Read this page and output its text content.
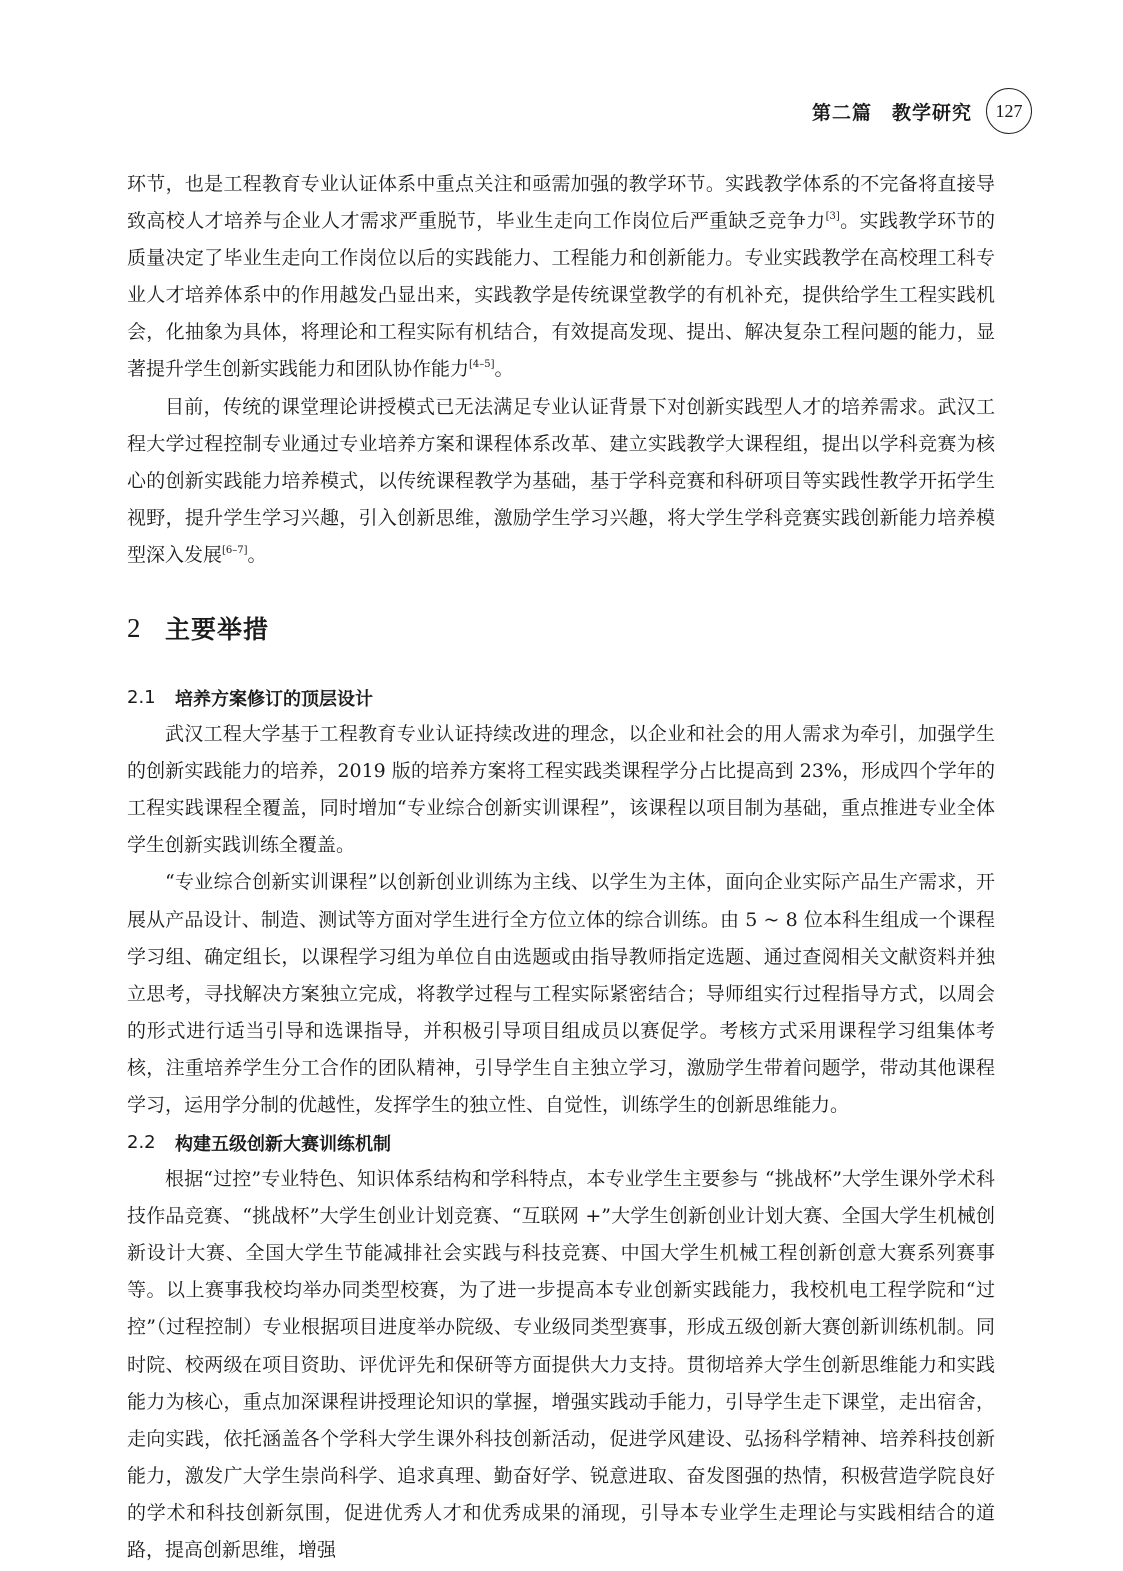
第二篇　教学研究	127

环节，也是工程教育专业认证体系中重点关注和亟需加强的教学环节。实践教学体系的不完备将直接导致高校人才培养与企业人才需求严重脱节，毕业生走向工作岗位后严重缺乏竞争力[3]。实践教学环节的质量决定了毕业生走向工作岗位以后的实践能力、工程能力和创新能力。专业实践教学在高校理工科专业人才培养体系中的作用越发凸显出来，实践教学是传统课堂教学的有机补充，提供给学生工程实践机会，化抽象为具体，将理论和工程实际有机结合，有效提高发现、提出、解决复杂工程问题的能力，显著提升学生创新实践能力和团队协作能力[4–5]。

目前，传统的课堂理论讲授模式已无法满足专业认证背景下对创新实践型人才的培养需求。武汉工程大学过程控制专业通过专业培养方案和课程体系改革、建立实践教学大课程组，提出以学科竞赛为核心的创新实践能力培养模式，以传统课程教学为基础，基于学科竞赛和科研项目等实践性教学开拓学生视野，提升学生学习兴趣，引入创新思维，激励学生学习兴趣，将大学生学科竞赛实践创新能力培养模型深入发展[6–7]。

2 主要举措
2.1	培养方案修订的顶层设计

武汉工程大学基于工程教育专业认证持续改进的理念，以企业和社会的用人需求为牵引，加强学生的创新实践能力的培养，2019 版的培养方案将工程实践类课程学分占比提高到 23%，形成四个学年的工程实践课程全覆盖，同时增加“专业综合创新实训课程”，该课程以项目制为基础，重点推进专业全体学生创新实践训练全覆盖。

“专业综合创新实训课程”以创新创业训练为主线、以学生为主体，面向企业实际产品生产需求，开展从产品设计、制造、测试等方面对学生进行全方位立体的综合训练。由 5 ~ 8 位本科生组成一个课程学习组、确定组长，以课程学习组为单位自由选题或由指导教师指定选题、通过查阅相关文献资料并独立思考，寻找解决方案独立完成，将教学过程与工程实际紧密结合；导师组实行过程指导方式，以周会的形式进行适当引导和选课指导，并积极引导项目组成员以赛促学。考核方式采用课程学习组集体考核，注重培养学生分工合作的团队精神，引导学生自主独立学习，激励学生带着问题学，带动其他课程学习，运用学分制的优越性，发挥学生的独立性、自觉性，训练学生的创新思维能力。

2.2	构建五级创新大赛训练机制

根据“过控”专业特色、知识体系结构和学科特点，本专业学生主要参与 “挑战杯”大学生课外学术科技作品竞赛、“挑战杯”大学生创业计划竞赛、“互联网 +”大学生创新创业计划大赛、全国大学生机械创新设计大赛、全国大学生节能减排社会实践与科技竞赛、中国大学生机械工程创新创意大赛系列赛事等。以上赛事我校均举办同类型校赛，为了进一步提高本专业创新实践能力，我校机电工程学院和“过控”（过程控制）专业根据项目进度举办院级、专业级同类型赛事，形成五级创新大赛创新训练机制。同时院、校两级在项目资助、评优评先和保研等方面提供大力支持。贯彻培养大学生创新思维能力和实践能力为核心，重点加深课程讲授理论知识的掌握，增强实践动手能力，引导学生走下课堂，走出宿舍，走向实践，依托涵盖各个学科大学生课外科技创新活动，促进学风建设、弘扬科学精神、培养科技创新能力，激发广大学生崇尚科学、追求真理、勤奋好学、锐意进取、奋发图强的热情，积极营造学院良好的学术和科技创新氛围，促进优秀人才和优秀成果的涌现，引导本专业学生走理论与实践相结合的道路，提高创新思维，增强
